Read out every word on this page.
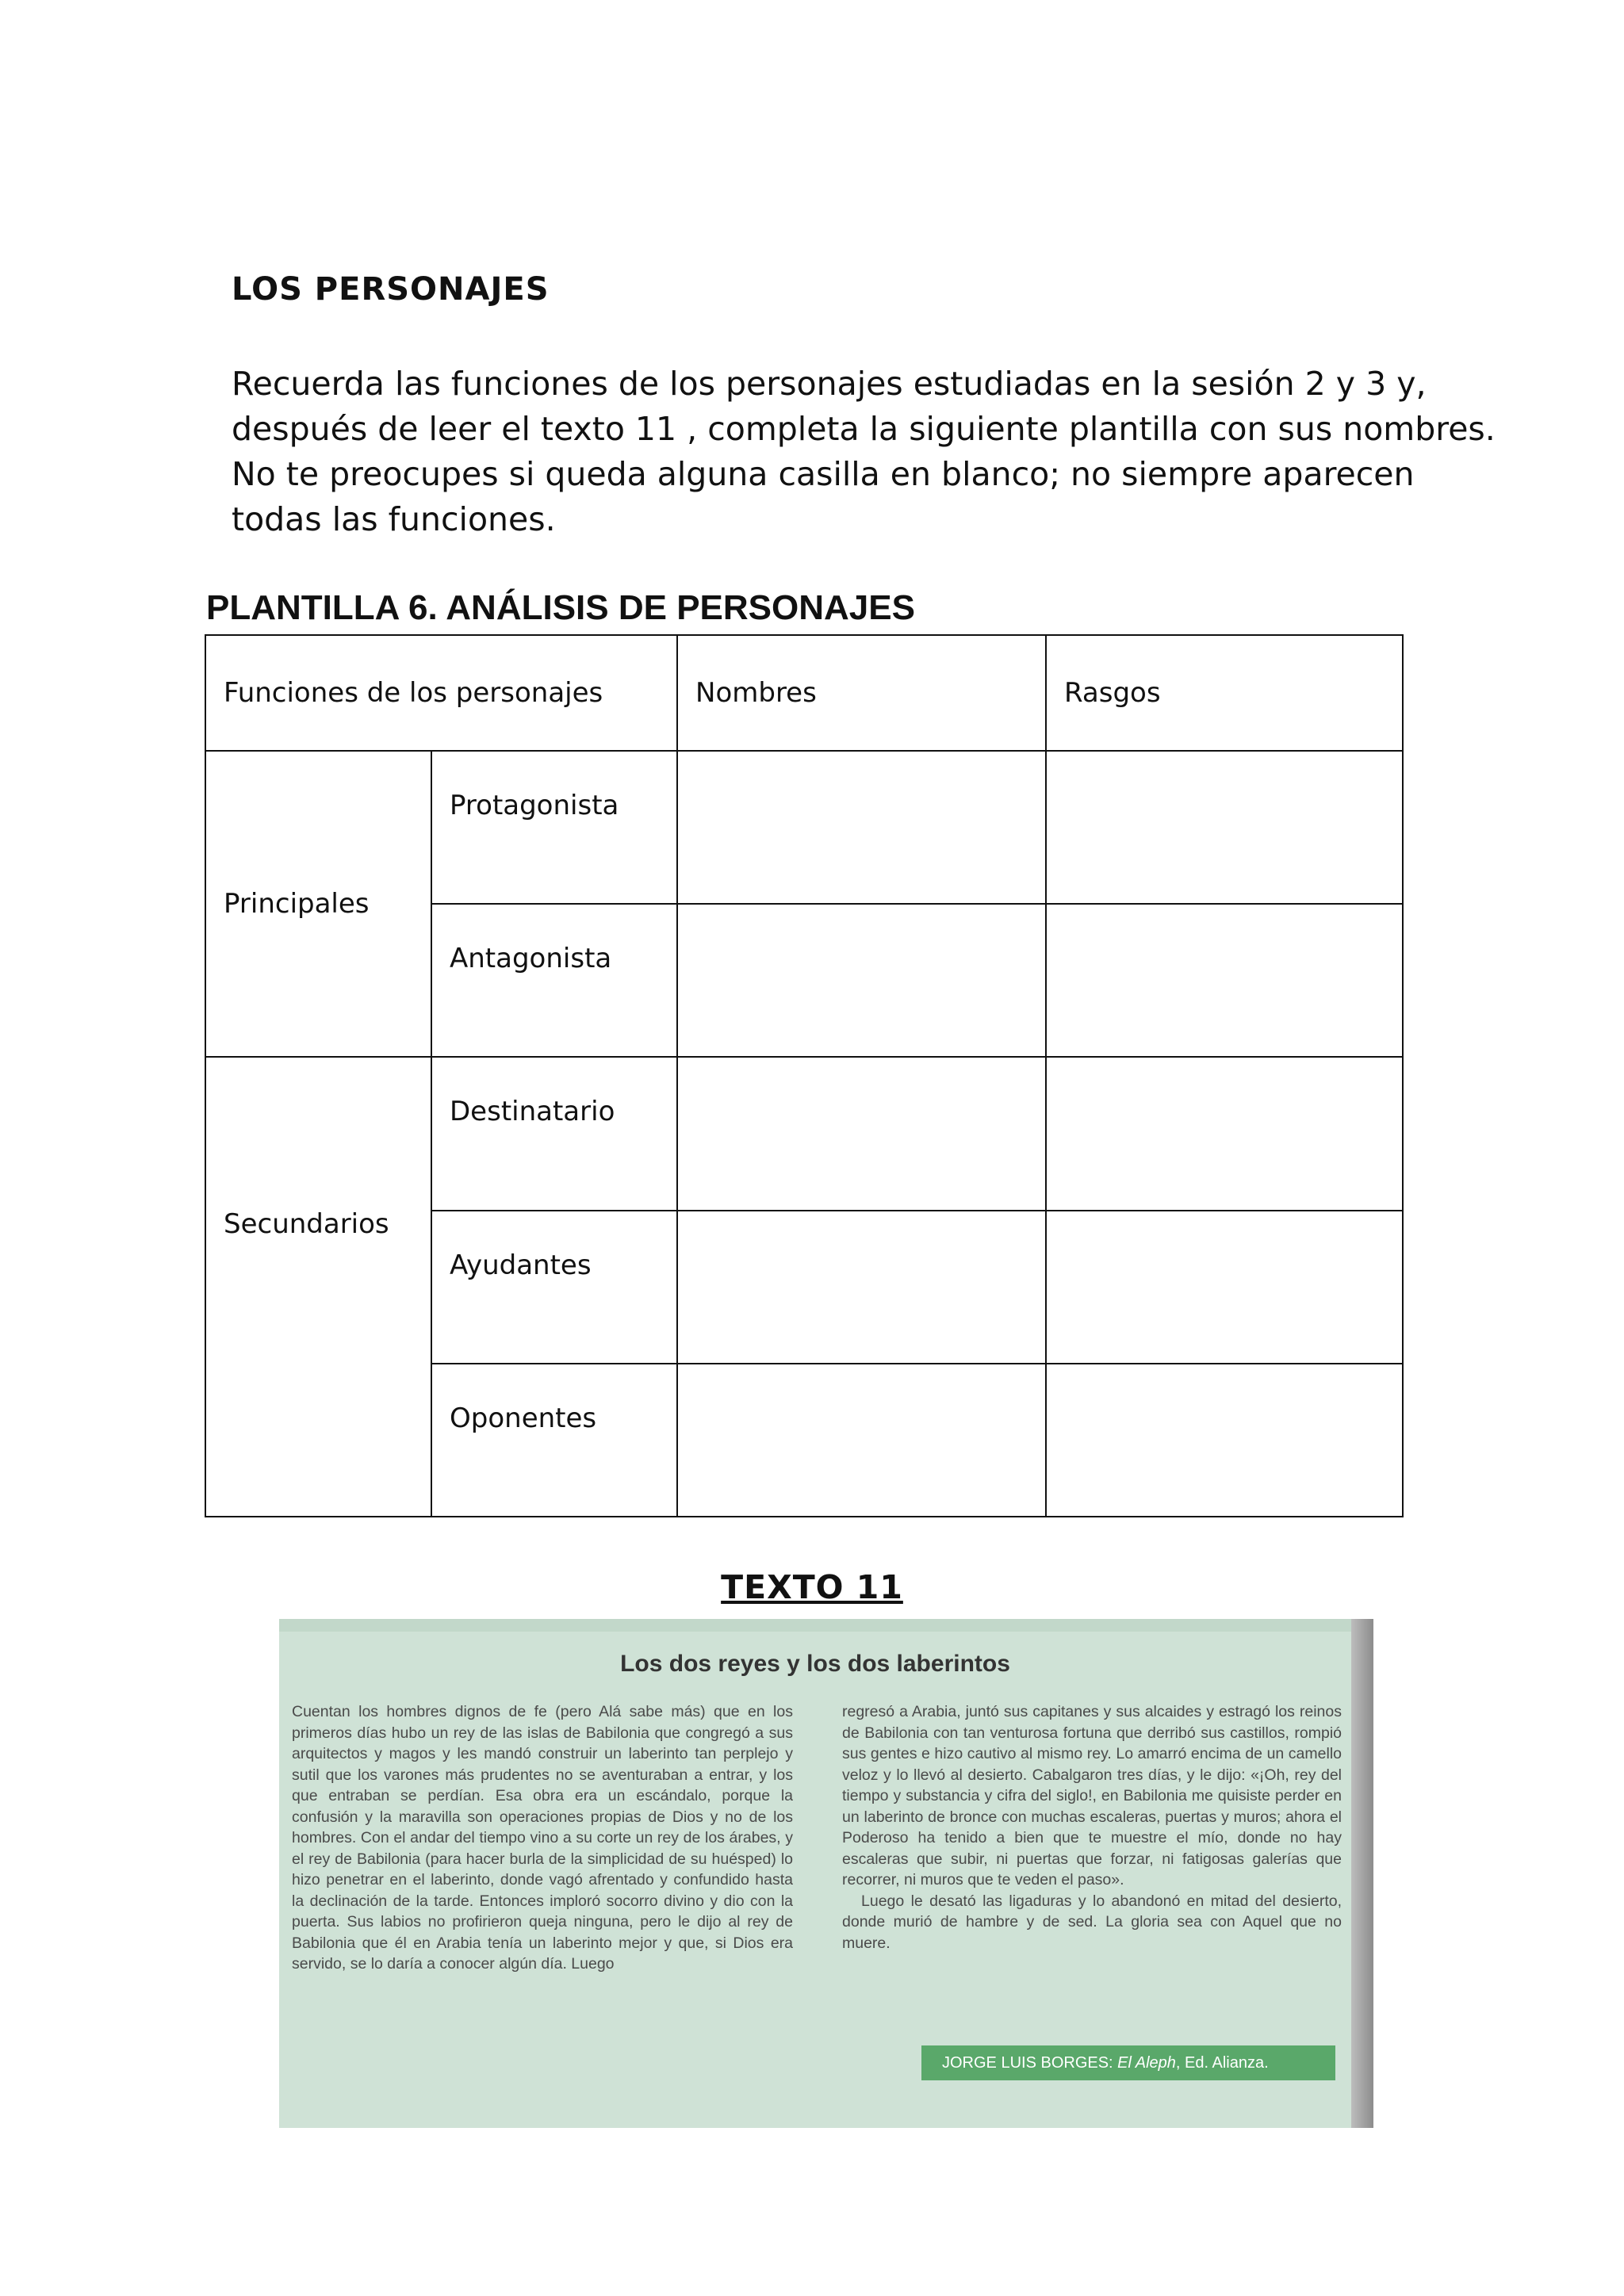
LOS PERSONAJES
Recuerda las funciones de los personajes estudiadas en la sesión 2 y 3 y,
después de leer el texto 11 , completa la siguiente plantilla con sus nombres.
No te preocupes si queda alguna casilla en blanco; no siempre aparecen
todas las funciones.
PLANTILLA 6. ANÁLISIS DE PERSONAJES
Funciones de los personajes		Nombres	Rasgos
Principales	Protagonista		
	Antagonista		
Secundarios	Destinatario		
	Ayudantes		
	Oponentes		
TEXTO 11
Los dos reyes y los dos laberintos

Cuentan los hombres dignos de fe (pero Alá sabe más) que en los primeros días hubo un rey de las islas de Babilonia que congregó a sus arquitectos y magos y les mandó construir un laberinto tan perplejo y sutil que los varones más prudentes no se aventuraban a entrar, y los que entraban se perdían. Esa obra era un escándalo, porque la confusión y la maravilla son operaciones propias de Dios y no de los hombres. Con el andar del tiempo vino a su corte un rey de los árabes, y el rey de Babilonia (para hacer burla de la simplicidad de su huésped) lo hizo penetrar en el laberinto, donde vagó afrentado y confundido hasta la declinación de la tarde. Entonces imploró socorro divino y dio con la puerta. Sus labios no profirieron queja ninguna, pero le dijo al rey de Babilonia que él en Arabia tenía un laberinto mejor y que, si Dios era servido, se lo daría a conocer algún día. Luego

regresó a Arabia, juntó sus capitanes y sus alcaides y estragó los reinos de Babilonia con tan venturosa fortuna que derribó sus castillos, rompió sus gentes e hizo cautivo al mismo rey. Lo amarró encima de un camello veloz y lo llevó al desierto. Cabalgaron tres días, y le dijo: «¡Oh, rey del tiempo y substancia y cifra del siglo!, en Babilonia me quisiste perder en un laberinto de bronce con muchas escaleras, puertas y muros; ahora el Poderoso ha tenido a bien que te muestre el mío, donde no hay escaleras que subir, ni puertas que forzar, ni fatigosas galerías que recorrer, ni muros que te veden el paso».
Luego le desató las ligaduras y lo abandonó en mitad del desierto, donde murió de hambre y de sed. La gloria sea con Aquel que no muere.
JORGE LUIS BORGES: El Aleph, Ed. Alianza.
